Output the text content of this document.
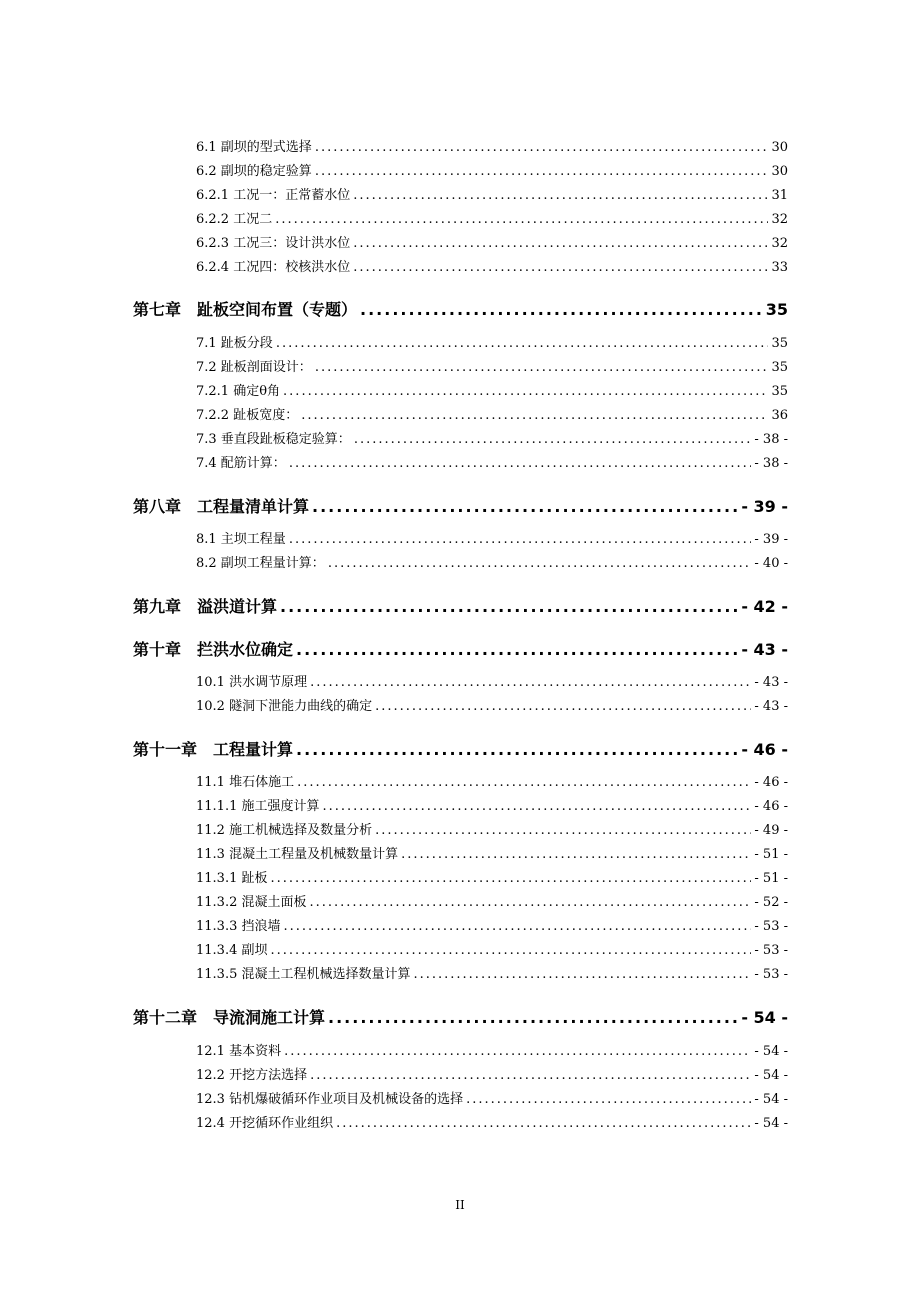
6.1 副坝的型式选择 .....	30
6.2 副坝的稳定验算 .....	30
6.2.1 工况一：正常蓄水位 .....	31
6.2.2 工况二 .....	32
6.2.3 工况三：设计洪水位 .....	32
6.2.4 工况四：校核洪水位 .....	33
第七章　趾板空间布置（专题） .....	35
7.1 趾板分段 .....	35
7.2 趾板剖面设计： .....	35
7.2.1 确定θ角 .....	35
7.2.2 趾板宽度： .....	36
7.3 垂直段趾板稳定验算： .....	- 38 -
7.4 配筋计算： .....	- 38 -
第八章　工程量清单计算 .....	- 39 -
8.1 主坝工程量 .....	- 39 -
8.2 副坝工程量计算： .....	- 40 -
第九章　溢洪道计算 .....	- 42 -
第十章　拦洪水位确定 .....	- 43 -
10.1 洪水调节原理 .....	- 43 -
10.2 隧洞下泄能力曲线的确定 .....	- 43 -
第十一章　工程量计算 .....	- 46 -
11.1 堆石体施工 .....	- 46 -
11.1.1 施工强度计算 .....	- 46 -
11.2 施工机械选择及数量分析 .....	- 49 -
11.3 混凝土工程量及机械数量计算 .....	- 51 -
11.3.1 趾板 .....	- 51 -
11.3.2 混凝土面板 .....	- 52 -
11.3.3 挡浪墙 .....	- 53 -
11.3.4 副坝 .....	- 53 -
11.3.5 混凝土工程机械选择数量计算 .....	- 53 -
第十二章　导流洞施工计算 .....	- 54 -
12.1 基本资料 .....	- 54 -
12.2 开挖方法选择 .....	- 54 -
12.3 钻机爆破循环作业项目及机械设备的选择 .....	- 54 -
12.4 开挖循环作业组织 .....	- 54 -
II
